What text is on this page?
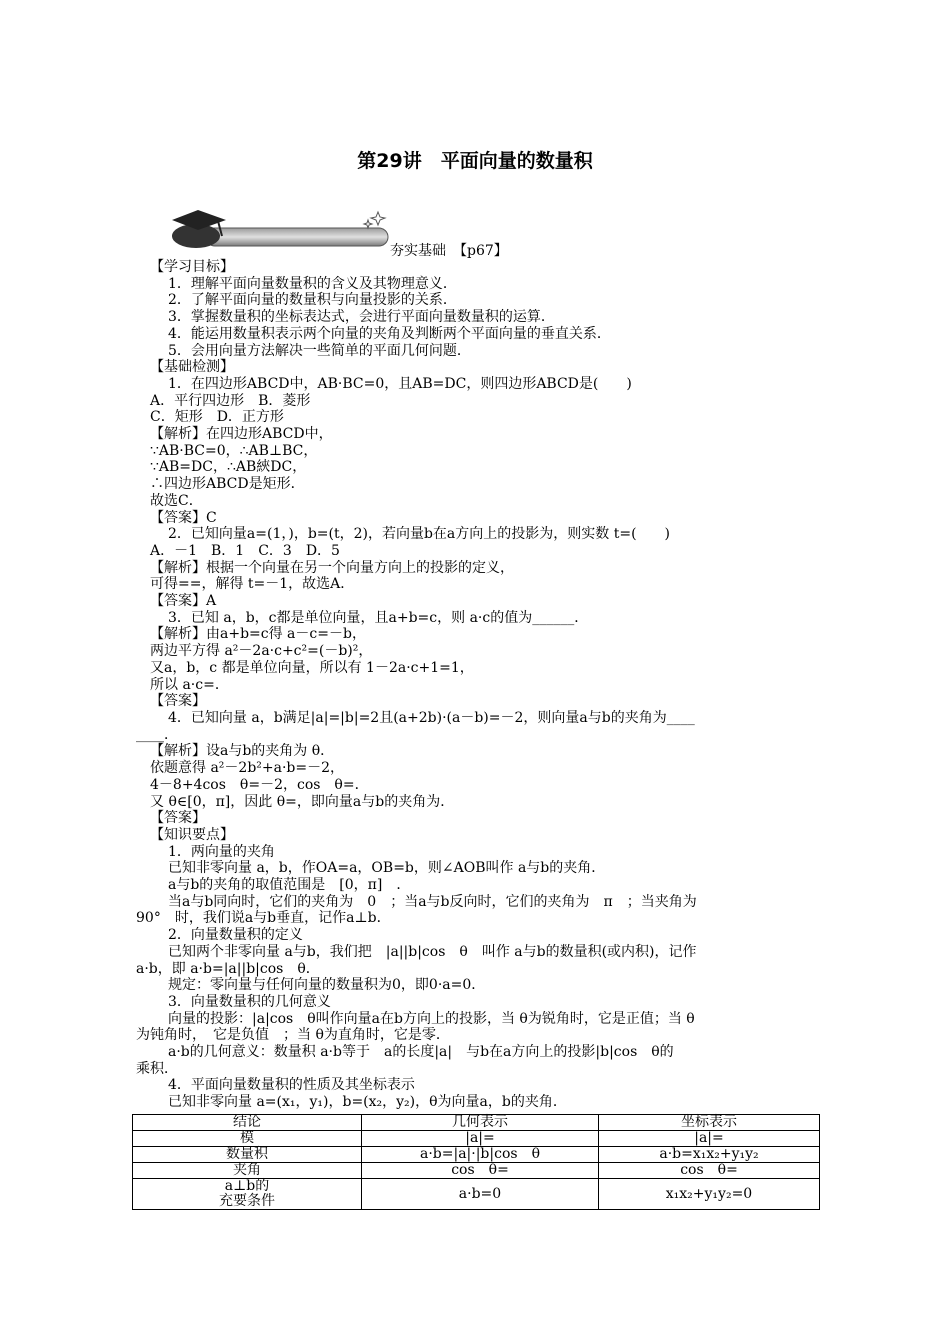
第29讲　平面向量的数量积
夯实基础　【p67】
【学习目标】
1．理解平面向量数量积的含义及其物理意义．
2．了解平面向量的数量积与向量投影的关系．
3．掌握数量积的坐标表达式，会进行平面向量数量积的运算．
4．能运用数量积表示两个向量的夹角及判断两个平面向量的垂直关系．
5．会用向量方法解决一些简单的平面几何问题．
【基础检测】
1．在四边形ABCD中，AB·BC=0，且AB=DC，则四边形ABCD是(　　)
A．平行四边形　B．菱形
C．矩形　D．正方形
【解析】在四边形ABCD中，
∵AB·BC=0，∴AB⊥BC，
∵AB=DC，∴AB綊DC，
∴四边形ABCD是矩形．
故选C．
【答案】C
2．已知向量a=(1，)，b=(t，2)，若向量b在a方向上的投影为，则实数 t=(　　)
A．－1　B．1　C．3　D．5
【解析】根据一个向量在另一个向量方向上的投影的定义，
可得==，解得 t=－1，故选A．
【答案】A
3．已知 a，b，c都是单位向量，且a+b=c，则 a·c的值为______．
【解析】由a+b=c得 a－c=－b，
两边平方得 a²－2a·c+c²=(－b)²，
又a，b，c 都是单位向量，所以有 1－2a·c+1=1，
所以 a·c=．
【答案】
4．已知向量 a，b满足|a|=|b|=2且(a+2b)·(a－b)=－2，则向量a与b的夹角为____
____．
【解析】设a与b的夹角为 θ．
依题意得 a²－2b²+a·b=－2，
4－8+4cos　θ=－2，cos　θ=．
又 θ∈[0，π]，因此 θ=，即向量a与b的夹角为．
【答案】
【知识要点】
1．两向量的夹角
已知非零向量 a，b，作OA=a，OB=b，则∠AOB叫作 a与b的夹角．
a与b的夹角的取值范围是　[0，π]　．
当a与b同向时，它们的夹角为　0　；当a与b反向时，它们的夹角为　π　；当夹角为
90°　时，我们说a与b垂直，记作a⊥b．
2．向量数量积的定义
已知两个非零向量 a与b，我们把　|a||b|cos　θ　叫作 a与b的数量积(或内积)，记作
a·b，即 a·b=|a||b|cos　θ．
规定：零向量与任何向量的数量积为0，即0·a=0．
3．向量数量积的几何意义
向量的投影：|a|cos　θ叫作向量a在b方向上的投影，当 θ为锐角时，它是正值；当 θ
为钝角时，　它是负值　；当 θ为直角时，它是零．
a·b的几何意义：数量积 a·b等于　a的长度|a|　与b在a方向上的投影|b|cos　θ的
乘积．
4．平面向量数量积的性质及其坐标表示
已知非零向量 a=(x₁，y₁)，b=(x₂，y₂)，θ为向量a，b的夹角．
结论	几何表示	坐标表示
模	|a|=	|a|=
数量积	a·b=|a|·|b|cos　θ	a·b=x₁x₂+y₁y₂
夹角	cos　θ=	cos　θ=
a⊥b的
充要条件	a·b=0	x₁x₂+y₁y₂=0
